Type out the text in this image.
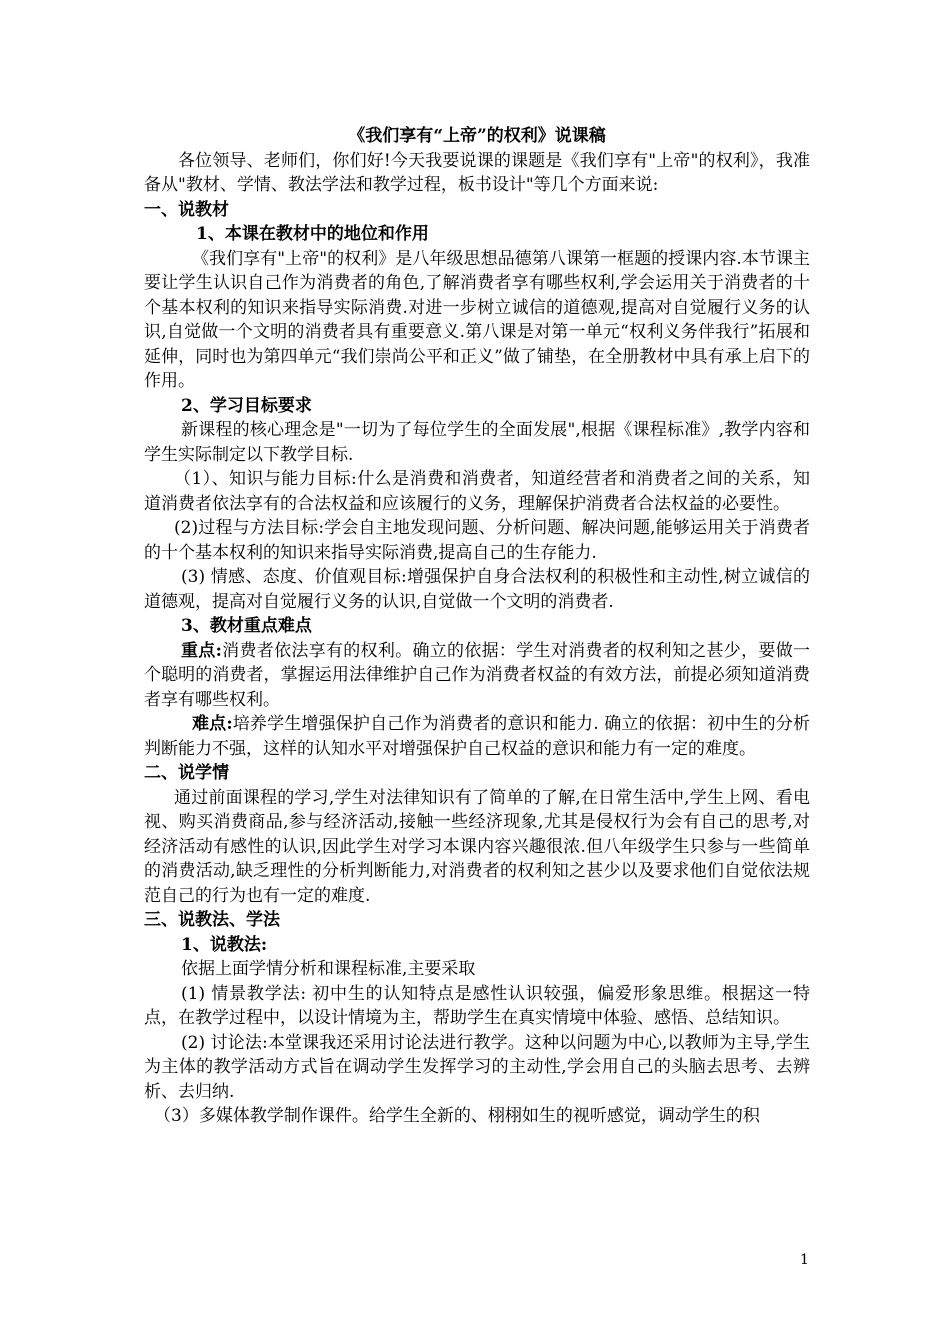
《我们享有“上帝”的权利》说课稿

各位领导、老师们，你们好!今天我要说课的课题是《我们享有"上帝"的权利》，我准备从"教材、学情、教法学法和教学过程，板书设计"等几个方面来说:

一、说教材

1、本课在教材中的地位和作用

《我们享有"上帝"的权利》是八年级思想品德第八课第一框题的授课内容.本节课主要让学生认识自己作为消费者的角色,了解消费者享有哪些权利,学会运用关于消费者的十个基本权利的知识来指导实际消费.对进一步树立诚信的道德观,提高对自觉履行义务的认识,自觉做一个文明的消费者具有重要意义.第八课是对第一单元“权利义务伴我行”拓展和延伸，同时也为第四单元“我们崇尚公平和正义”做了铺垫，在全册教材中具有承上启下的作用。

2、学习目标要求

新课程的核心理念是"一切为了每位学生的全面发展",根据《课程标准》,教学内容和学生实际制定以下教学目标.

（1）、知识与能力目标:什么是消费和消费者，知道经营者和消费者之间的关系，知道消费者依法享有的合法权益和应该履行的义务，理解保护消费者合法权益的必要性。

(2)过程与方法目标:学会自主地发现问题、分析问题、解决问题,能够运用关于消费者的十个基本权利的知识来指导实际消费,提高自己的生存能力.

(3) 情感、态度、价值观目标:增强保护自身合法权利的积极性和主动性,树立诚信的道德观，提高对自觉履行义务的认识,自觉做一个文明的消费者.

3、教材重点难点

重点:消费者依法享有的权利。确立的依据：学生对消费者的权利知之甚少，要做一个聪明的消费者，掌握运用法律维护自己作为消费者权益的有效方法，前提必须知道消费者享有哪些权利。

难点:培养学生增强保护自己作为消费者的意识和能力. 确立的依据：初中生的分析判断能力不强，这样的认知水平对增强保护自己权益的意识和能力有一定的难度。

二、说学情

通过前面课程的学习,学生对法律知识有了简单的了解,在日常生活中,学生上网、看电视、购买消费商品,参与经济活动,接触一些经济现象,尤其是侵权行为会有自己的思考,对经济活动有感性的认识,因此学生对学习本课内容兴趣很浓.但八年级学生只参与一些简单的消费活动,缺乏理性的分析判断能力,对消费者的权利知之甚少以及要求他们自觉依法规范自己的行为也有一定的难度.

三、说教法、学法

1、说教法:

依据上面学情分析和课程标准,主要采取

(1) 情景教学法: 初中生的认知特点是感性认识较强，偏爱形象思维。根据这一特点，在教学过程中，以设计情境为主，帮助学生在真实情境中体验、感悟、总结知识。

(2) 讨论法:本堂课我还采用讨论法进行教学。这种以问题为中心,以教师为主导,学生为主体的教学活动方式旨在调动学生发挥学习的主动性,学会用自己的头脑去思考、去辨析、去归纳.

（3）多媒体教学制作课件。给学生全新的、栩栩如生的视听感觉，调动学生的积

1
